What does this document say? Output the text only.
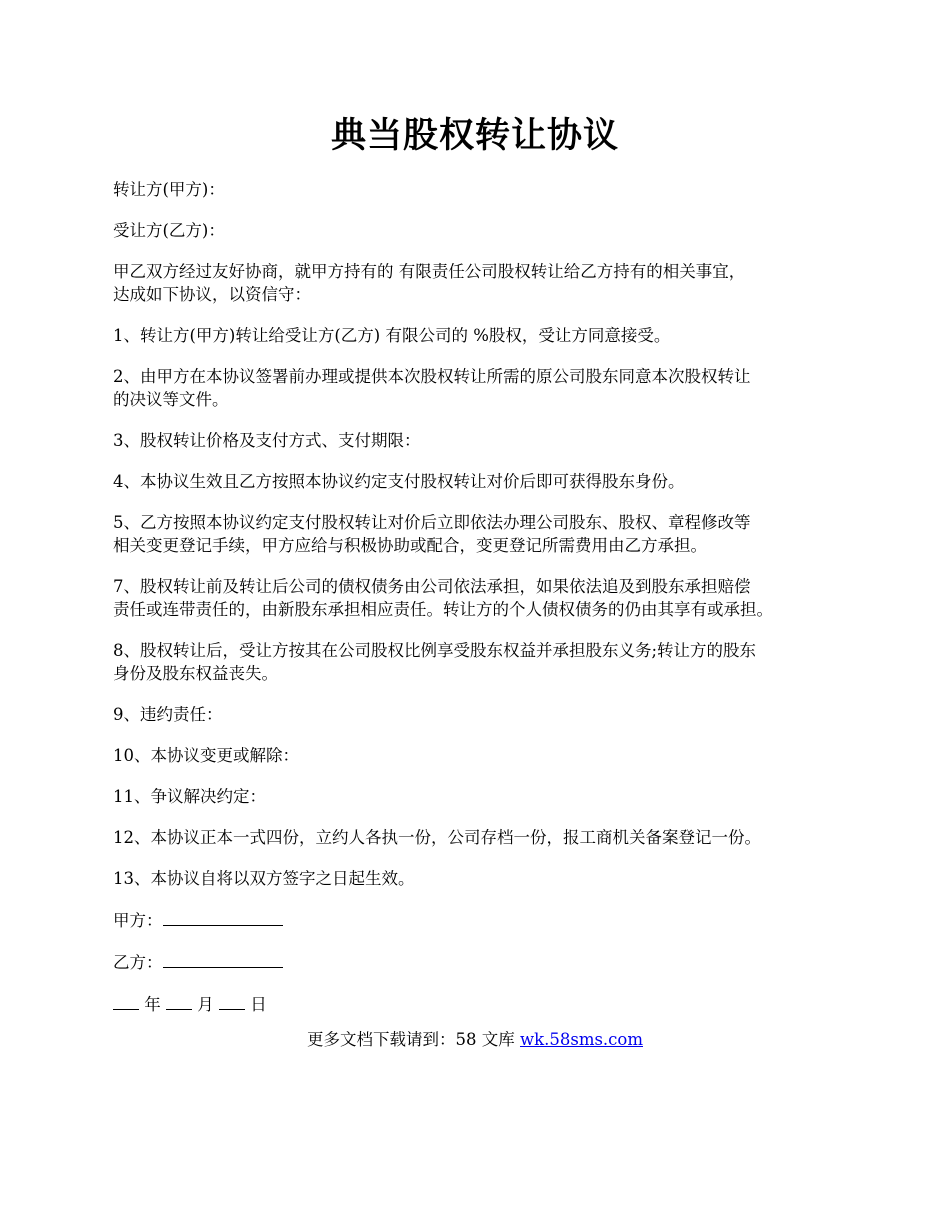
典当股权转让协议
转让方(甲方)：
受让方(乙方)：
甲乙双方经过友好协商，就甲方持有的 有限责任公司股权转让给乙方持有的相关事宜，
达成如下协议，以资信守：
1、转让方(甲方)转让给受让方(乙方) 有限公司的 %股权，受让方同意接受。
2、由甲方在本协议签署前办理或提供本次股权转让所需的原公司股东同意本次股权转让
的决议等文件。
3、股权转让价格及支付方式、支付期限：
4、本协议生效且乙方按照本协议约定支付股权转让对价后即可获得股东身份。
5、乙方按照本协议约定支付股权转让对价后立即依法办理公司股东、股权、章程修改等
相关变更登记手续，甲方应给与积极协助或配合，变更登记所需费用由乙方承担。
7、股权转让前及转让后公司的债权债务由公司依法承担，如果依法追及到股东承担赔偿
责任或连带责任的，由新股东承担相应责任。转让方的个人债权债务的仍由其享有或承担。
8、股权转让后，受让方按其在公司股权比例享受股东权益并承担股东义务;转让方的股东
身份及股东权益丧失。
9、违约责任：
10、本协议变更或解除：
11、争议解决约定：
12、本协议正本一式四份，立约人各执一份，公司存档一份，报工商机关备案登记一份。
13、本协议自将以双方签字之日起生效。
甲方：
乙方：
年 月 日
更多文档下载请到：58 文库 wk.58sms.com
